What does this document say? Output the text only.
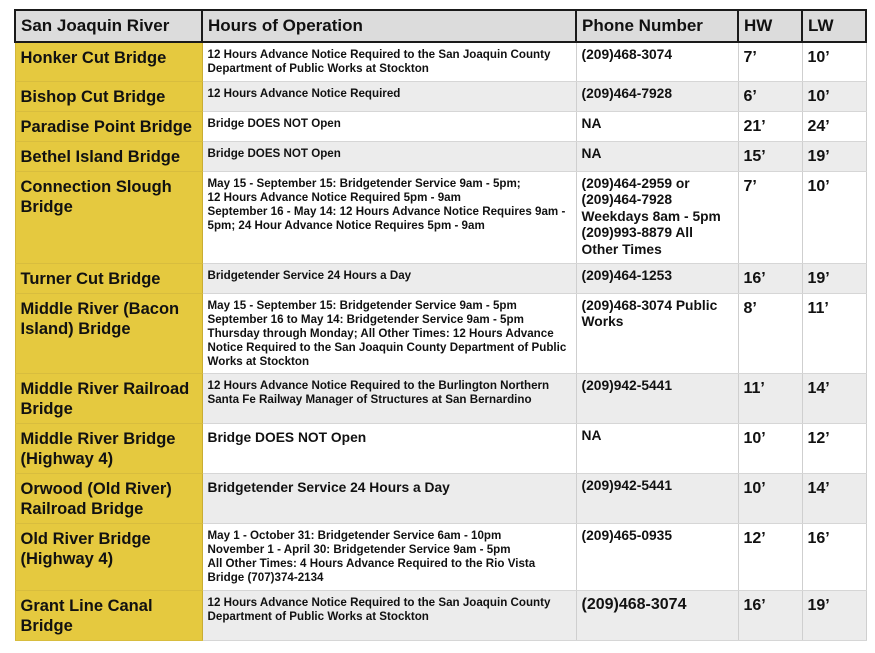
San Joaquin River	Hours of Operation	Phone Number	HW	LW
Honker Cut Bridge	12 Hours Advance Notice Required to the San Joaquin County Department of Public Works at Stockton	(209)468-3074	7’	10’
Bishop Cut Bridge	12 Hours Advance Notice Required	(209)464-7928	6’	10’
Paradise Point Bridge	Bridge DOES NOT Open	NA	21’	24’
Bethel Island Bridge	Bridge DOES NOT Open	NA	15’	19’
Connection Slough Bridge	May 15 - September 15: Bridgetender Service 9am - 5pm;
12 Hours Advance Notice Required 5pm - 9am
September 16 - May 14: 12 Hours Advance Notice Requires 9am - 5pm; 24 Hour Advance Notice Requires 5pm - 9am	(209)464-2959 or (209)464-7928 Weekdays 8am - 5pm (209)993-8879 All Other Times	7’	10’
Turner Cut Bridge	Bridgetender Service 24 Hours a Day	(209)464-1253	16’	19’
Middle River (Bacon Island) Bridge	May 15 - September 15: Bridgetender Service 9am - 5pm
September 16 to May 14: Bridgetender Service 9am - 5pm Thursday through Monday; All Other Times: 12 Hours Advance Notice Required to the San Joaquin County Department of Public Works at Stockton	(209)468-3074 Public Works	8’	11’
Middle River Railroad Bridge	12 Hours Advance Notice Required to the Burlington Northern Santa Fe Railway Manager of Structures at San Bernardino	(209)942-5441	11’	14’
Middle River Bridge (Highway 4)	Bridge DOES NOT Open	NA	10’	12’
Orwood (Old River) Railroad Bridge	Bridgetender Service 24 Hours a Day	(209)942-5441	10’	14’
Old River Bridge (Highway 4)	May 1 - October 31: Bridgetender Service 6am - 10pm
November 1 - April 30: Bridgetender Service 9am - 5pm
All Other Times: 4 Hours Advance Required to the Rio Vista Bridge (707)374-2134	(209)465-0935	12’	16’
Grant Line Canal Bridge	12 Hours Advance Notice Required to the San Joaquin County Department of Public Works at Stockton	(209)468-3074	16’	19’
